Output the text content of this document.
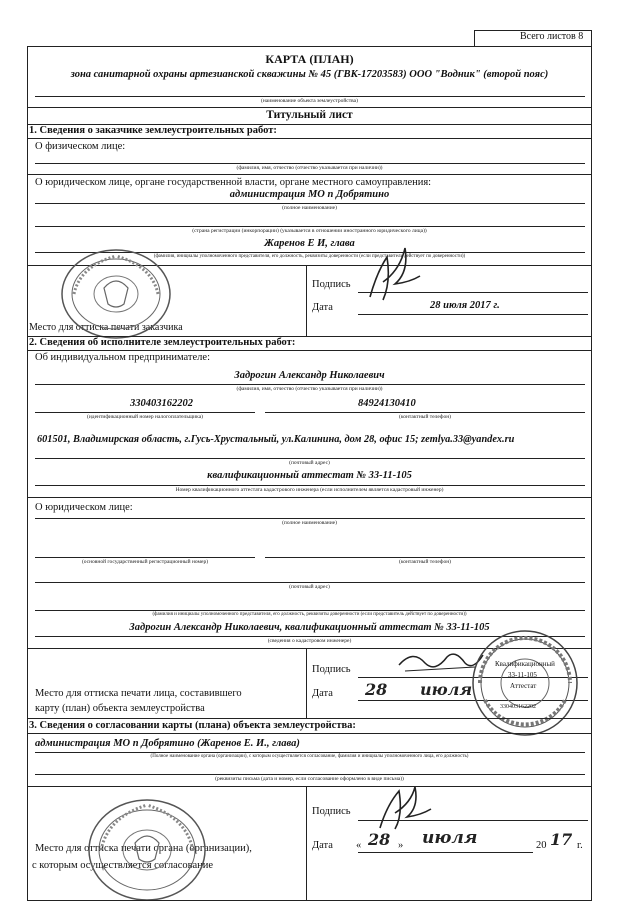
Всего листов 8
КАРТА (ПЛАН)
зона санитарной охраны артезианской скважины № 45 (ГВК-17203583) ООО "Водник" (второй пояс)
(наименование объекта землеустройства)
Титульный лист
1. Сведения о заказчике землеустроительных работ:
О физическом лице:
(фамилия, имя, отчество (отчество указывается при наличии))
О юридическом лице, органе государственной власти, органе местного самоуправления:
администрация МО п Добрятино
(полное наименование)
(страна регистрации (инкорпорации) (указывается в отношении иностранного юридического лица))
Жаренов Е И, глава
(фамилия, инициалы уполномоченного представителя, его должность, реквизиты доверенности (если представитель действует по доверенности))
Подпись
Дата	28 июля 2017 г.
Место для оттиска печати заказчика
2. Сведения об исполнителе землеустроительных работ:
Об индивидуальном предпринимателе:
Задрогин Александр Николаевич
(фамилия, имя, отчество (отчество указывается при наличии))
330403162202	84924130410
(идентификационный номер налогоплательщика)	(контактный телефон)
601501, Владимирская область, г.Гусь-Хрустальный, ул.Калинина, дом 28, офис 15; zemlya.33@yandex.ru
(почтовый адрес)
квалификационный аттестат № 33-11-105
Номер квалификационного аттестата кадастрового инженера (если исполнителем является кадастровый инженер)
О юридическом лице:
(полное наименование)
(основной государственный регистрационный номер)	(контактный телефон)
(почтовый адрес)
(фамилия и инициалы уполномоченного представителя, его должность, реквизиты доверенности (если представитель действует по доверенности))
Задрогин Александр Николаевич, квалификационный аттестат № 33-11-105
(сведения о кадастровом инженере)
Подпись
Дата 28 июля
Место для оттиска печати лица, составившего
карту (план) объекта землеустройства
Квалификационный
33-11-105
Аттестат
330403162202
3. Сведения о согласовании карты (плана) объекта землеустройства:
администрация МО п Добрятино (Жаренов Е. И., глава)
(Полное наименование органа (организации), с которым осуществляется согласование, фамилия и инициалы уполномоченного лица, его должность)
(реквизиты письма (дата и номер, если согласование оформлено в виде письма))
Подпись
Дата « 28 » июля	20 17 г.
Место для оттиска печати органа (организации),
с которым осуществляется согласование
